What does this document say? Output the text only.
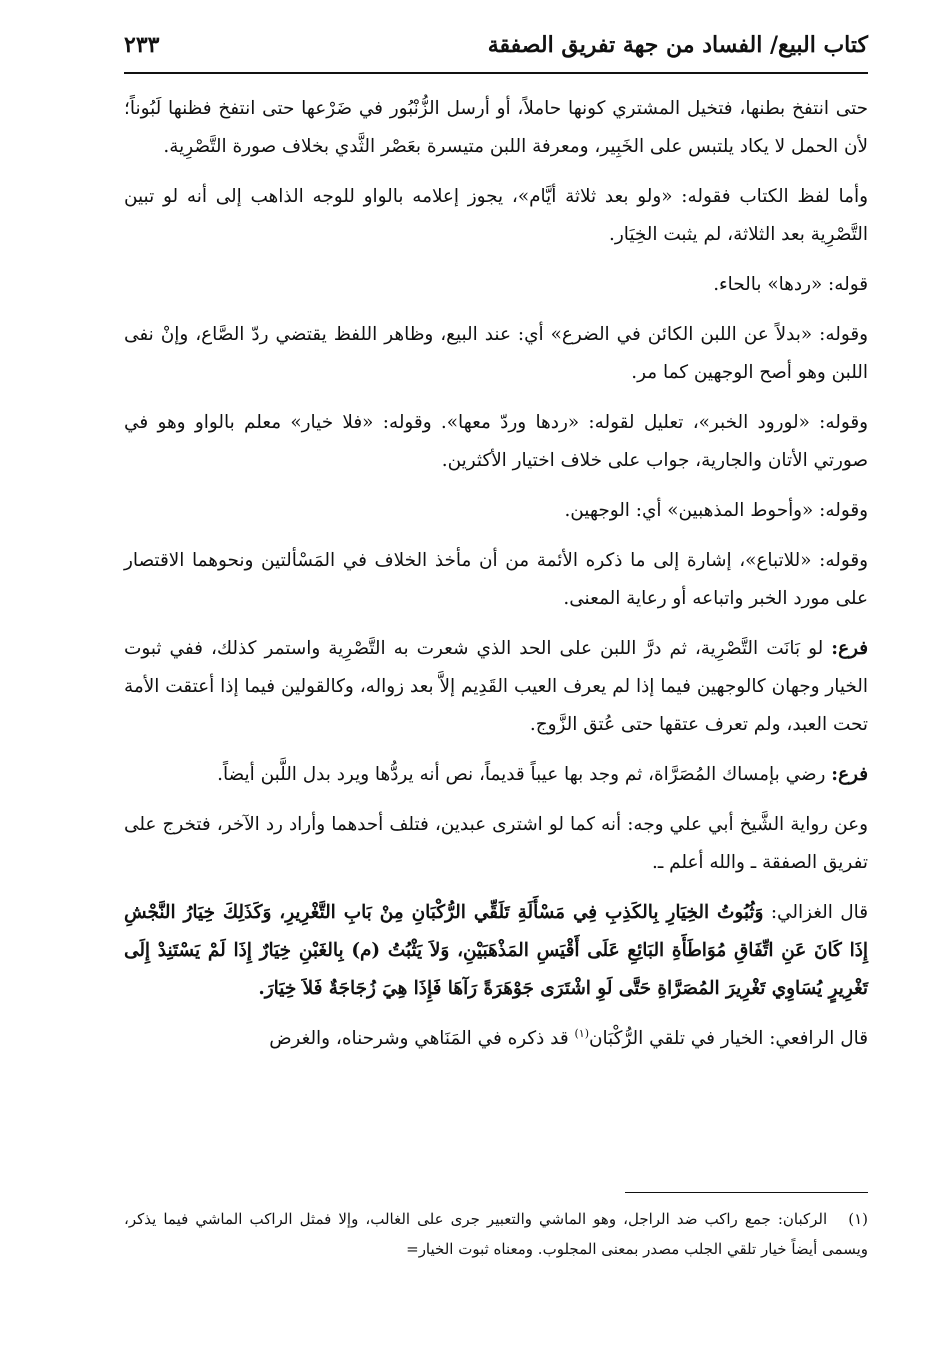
كتاب البيع/ الفساد من جهة تفريق الصفقة
٢٣٣

حتى انتفخ بطنها، فتخيل المشتري كونها حاملاً، أو أرسل الزُّنْبُور في ضَرْعها حتى انتفخ فظنها لَبُوناً؛ لأن الحمل لا يكاد يلتبس على الخَبِير، ومعرفة اللبن متيسرة بعَصْر الثَّدي بخلاف صورة التَّصْرِية.

وأما لفظ الكتاب فقوله: «ولو بعد ثلاثة أيَّام»، يجوز إعلامه بالواو للوجه الذاهب إلى أنه لو تبين التَّصْرِية بعد الثلاثة، لم يثبت الخِيَار.

قوله: «ردها» بالحاء.

وقوله: «بدلاً عن اللبن الكائن في الضرع» أي: عند البيع، وظاهر اللفظ يقتضي ردّ الصَّاع، وإنْ نفى اللبن وهو أصح الوجهين كما مر.

وقوله: «لورود الخبر»، تعليل لقوله: «ردها وردّ معها». وقوله: «فلا خيار» معلم بالواو وهو في صورتي الأتان والجارية، جواب على خلاف اختيار الأكثرين.

وقوله: «وأحوط المذهبين» أي: الوجهين.

وقوله: «للاتباع»، إشارة إلى ما ذكره الأئمة من أن مأخذ الخلاف في المَسْألتين ونحوهما الاقتصار على مورد الخبر واتباعه أو رعاية المعنى.

فرع: لو بَانَت التَّصْرِية، ثم درَّ اللبن على الحد الذي شعرت به التَّصْرِية واستمر كذلك، ففي ثبوت الخيار وجهان كالوجهين فيما إذا لم يعرف العيب القَدِيم إلاَّ بعد زواله، وكالقولين فيما إذا أعتقت الأمة تحت العبد، ولم تعرف عتقها حتى عُتق الزَّوج.

فرع: رضي بإمساك المُصَرَّاة، ثم وجد بها عيباً قديماً، نص أنه يردُّها ويرد بدل اللَّبن أيضاً.

وعن رواية الشَّيخ أبي علي وجه: أنه كما لو اشترى عبدين، فتلف أحدهما وأراد رد الآخر، فتخرج على تفريق الصفقة ـ والله أعلم ـ.

قال الغزالي: وَثُبُوتُ الخِيَارِ بِالكَذِبِ فِي مَسْأَلَةِ تَلَقِّي الرُّكْبَانِ مِنْ بَابِ التَّغْرِيرِ، وَكَذَلِكَ خِيَارُ النَّجْشِ إِذَا كَانَ عَنِ اتِّفَاقِ مُوَاطَأَةِ البَائِعِ عَلَى أَقْيَسِ المَذْهَبَيْنِ، وَلاَ يَثْبُتُ (م) بِالغَبْنِ خِيَارٌ إِذَا لَمْ يَسْتَنِدْ إِلَى تَغْرِيرٍ يُسَاوِي تَغْرِيرَ المُصَرَّاةِ حَتَّى لَوِ اشْتَرَى جَوْهَرَةً رَآهَا فَإِذَا هِيَ زُجَاجَةٌ فَلاَ خِيَارَ.

قال الرافعي: الخيار في تلقي الرُّكْبَان$^{(١)}$ قد ذكره في المَنَاهي وشرحناه، والغرض

(١) الركبان: جمع راكب ضد الراجل، وهو الماشي والتعبير جرى على الغالب، وإلا فمثل الراكب الماشي فيما يذكر، ويسمى أيضاً خيار تلقي الجلب مصدر بمعنى المجلوب. ومعناه ثبوت الخيار=
